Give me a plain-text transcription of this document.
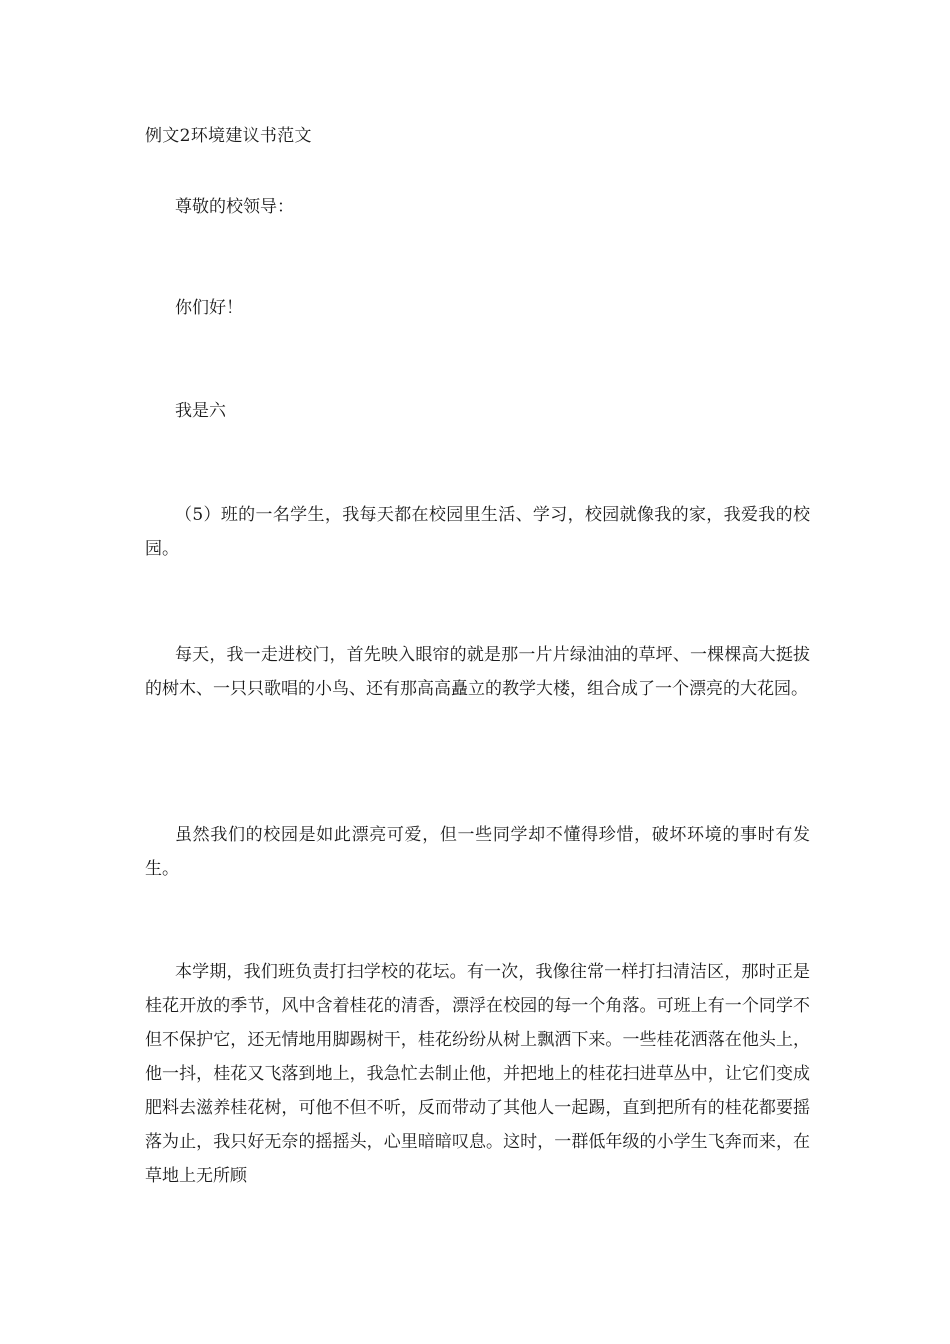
例文2环境建议书范文

尊敬的校领导：

你们好！

我是六

（5）班的一名学生，我每天都在校园里生活、学习，校园就像我的家，我爱我的校园。

每天，我一走进校门，首先映入眼帘的就是那一片片绿油油的草坪、一棵棵高大挺拔的树木、一只只歌唱的小鸟、还有那高高矗立的教学大楼，组合成了一个漂亮的大花园。

虽然我们的校园是如此漂亮可爱，但一些同学却不懂得珍惜，破坏环境的事时有发生。

本学期，我们班负责打扫学校的花坛。有一次，我像往常一样打扫清洁区，那时正是桂花开放的季节，风中含着桂花的清香，漂浮在校园的每一个角落。可班上有一个同学不但不保护它，还无情地用脚踢树干，桂花纷纷从树上飘洒下来。一些桂花洒落在他头上，他一抖，桂花又飞落到地上，我急忙去制止他，并把地上的桂花扫进草丛中，让它们变成肥料去滋养桂花树，可他不但不听，反而带动了其他人一起踢，直到把所有的桂花都要摇落为止，我只好无奈的摇摇头，心里暗暗叹息。这时，一群低年级的小学生飞奔而来，在草地上无所顾
